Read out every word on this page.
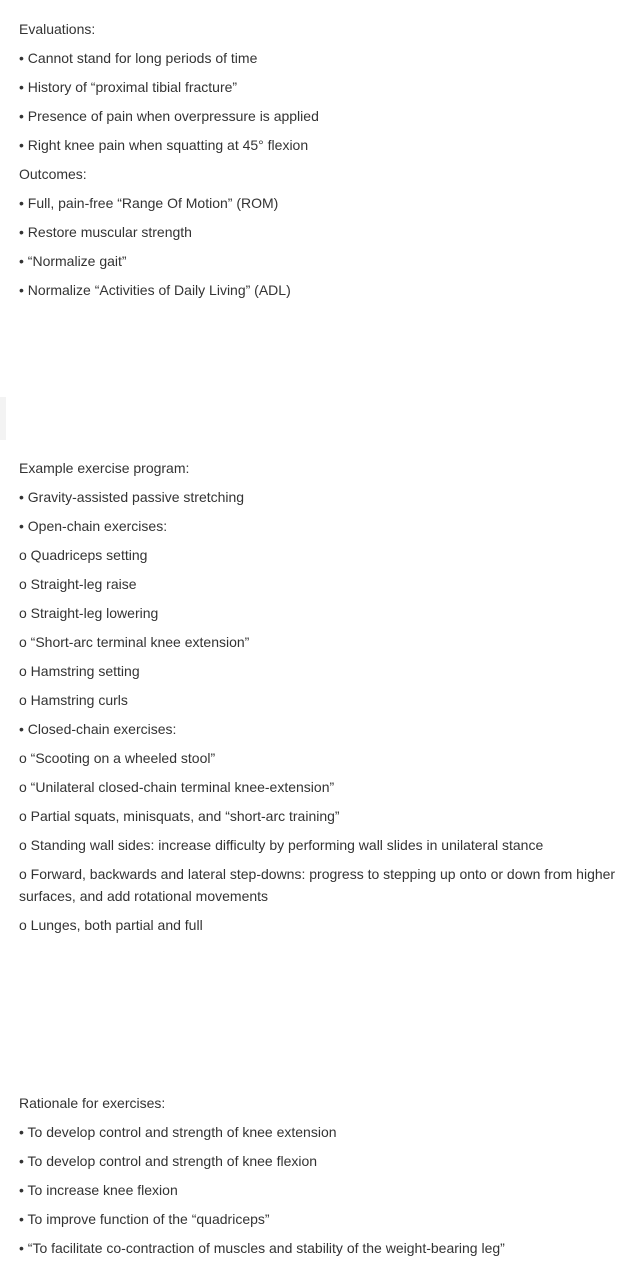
Evaluations:
• Cannot stand for long periods of time
• History of “proximal tibial fracture”
• Presence of pain when overpressure is applied
• Right knee pain when squatting at 45° flexion
Outcomes:
• Full, pain-free “Range Of Motion” (ROM)
• Restore muscular strength
• “Normalize gait”
• Normalize “Activities of Daily Living” (ADL)
Example exercise program:
• Gravity-assisted passive stretching
• Open-chain exercises:
o Quadriceps setting
o Straight-leg raise
o Straight-leg lowering
o “Short-arc terminal knee extension”
o Hamstring setting
o Hamstring curls
• Closed-chain exercises:
o “Scooting on a wheeled stool”
o “Unilateral closed-chain terminal knee-extension”
o Partial squats, minisquats, and “short-arc training”
o Standing wall sides: increase difficulty by performing wall slides in unilateral stance
o Forward, backwards and lateral step-downs: progress to stepping up onto or down from higher surfaces, and add rotational movements
o Lunges, both partial and full
Rationale for exercises:
• To develop control and strength of knee extension
• To develop control and strength of knee flexion
• To increase knee flexion
• To improve function of the “quadriceps”
• “To facilitate co-contraction of muscles and stability of the weight-bearing leg”
